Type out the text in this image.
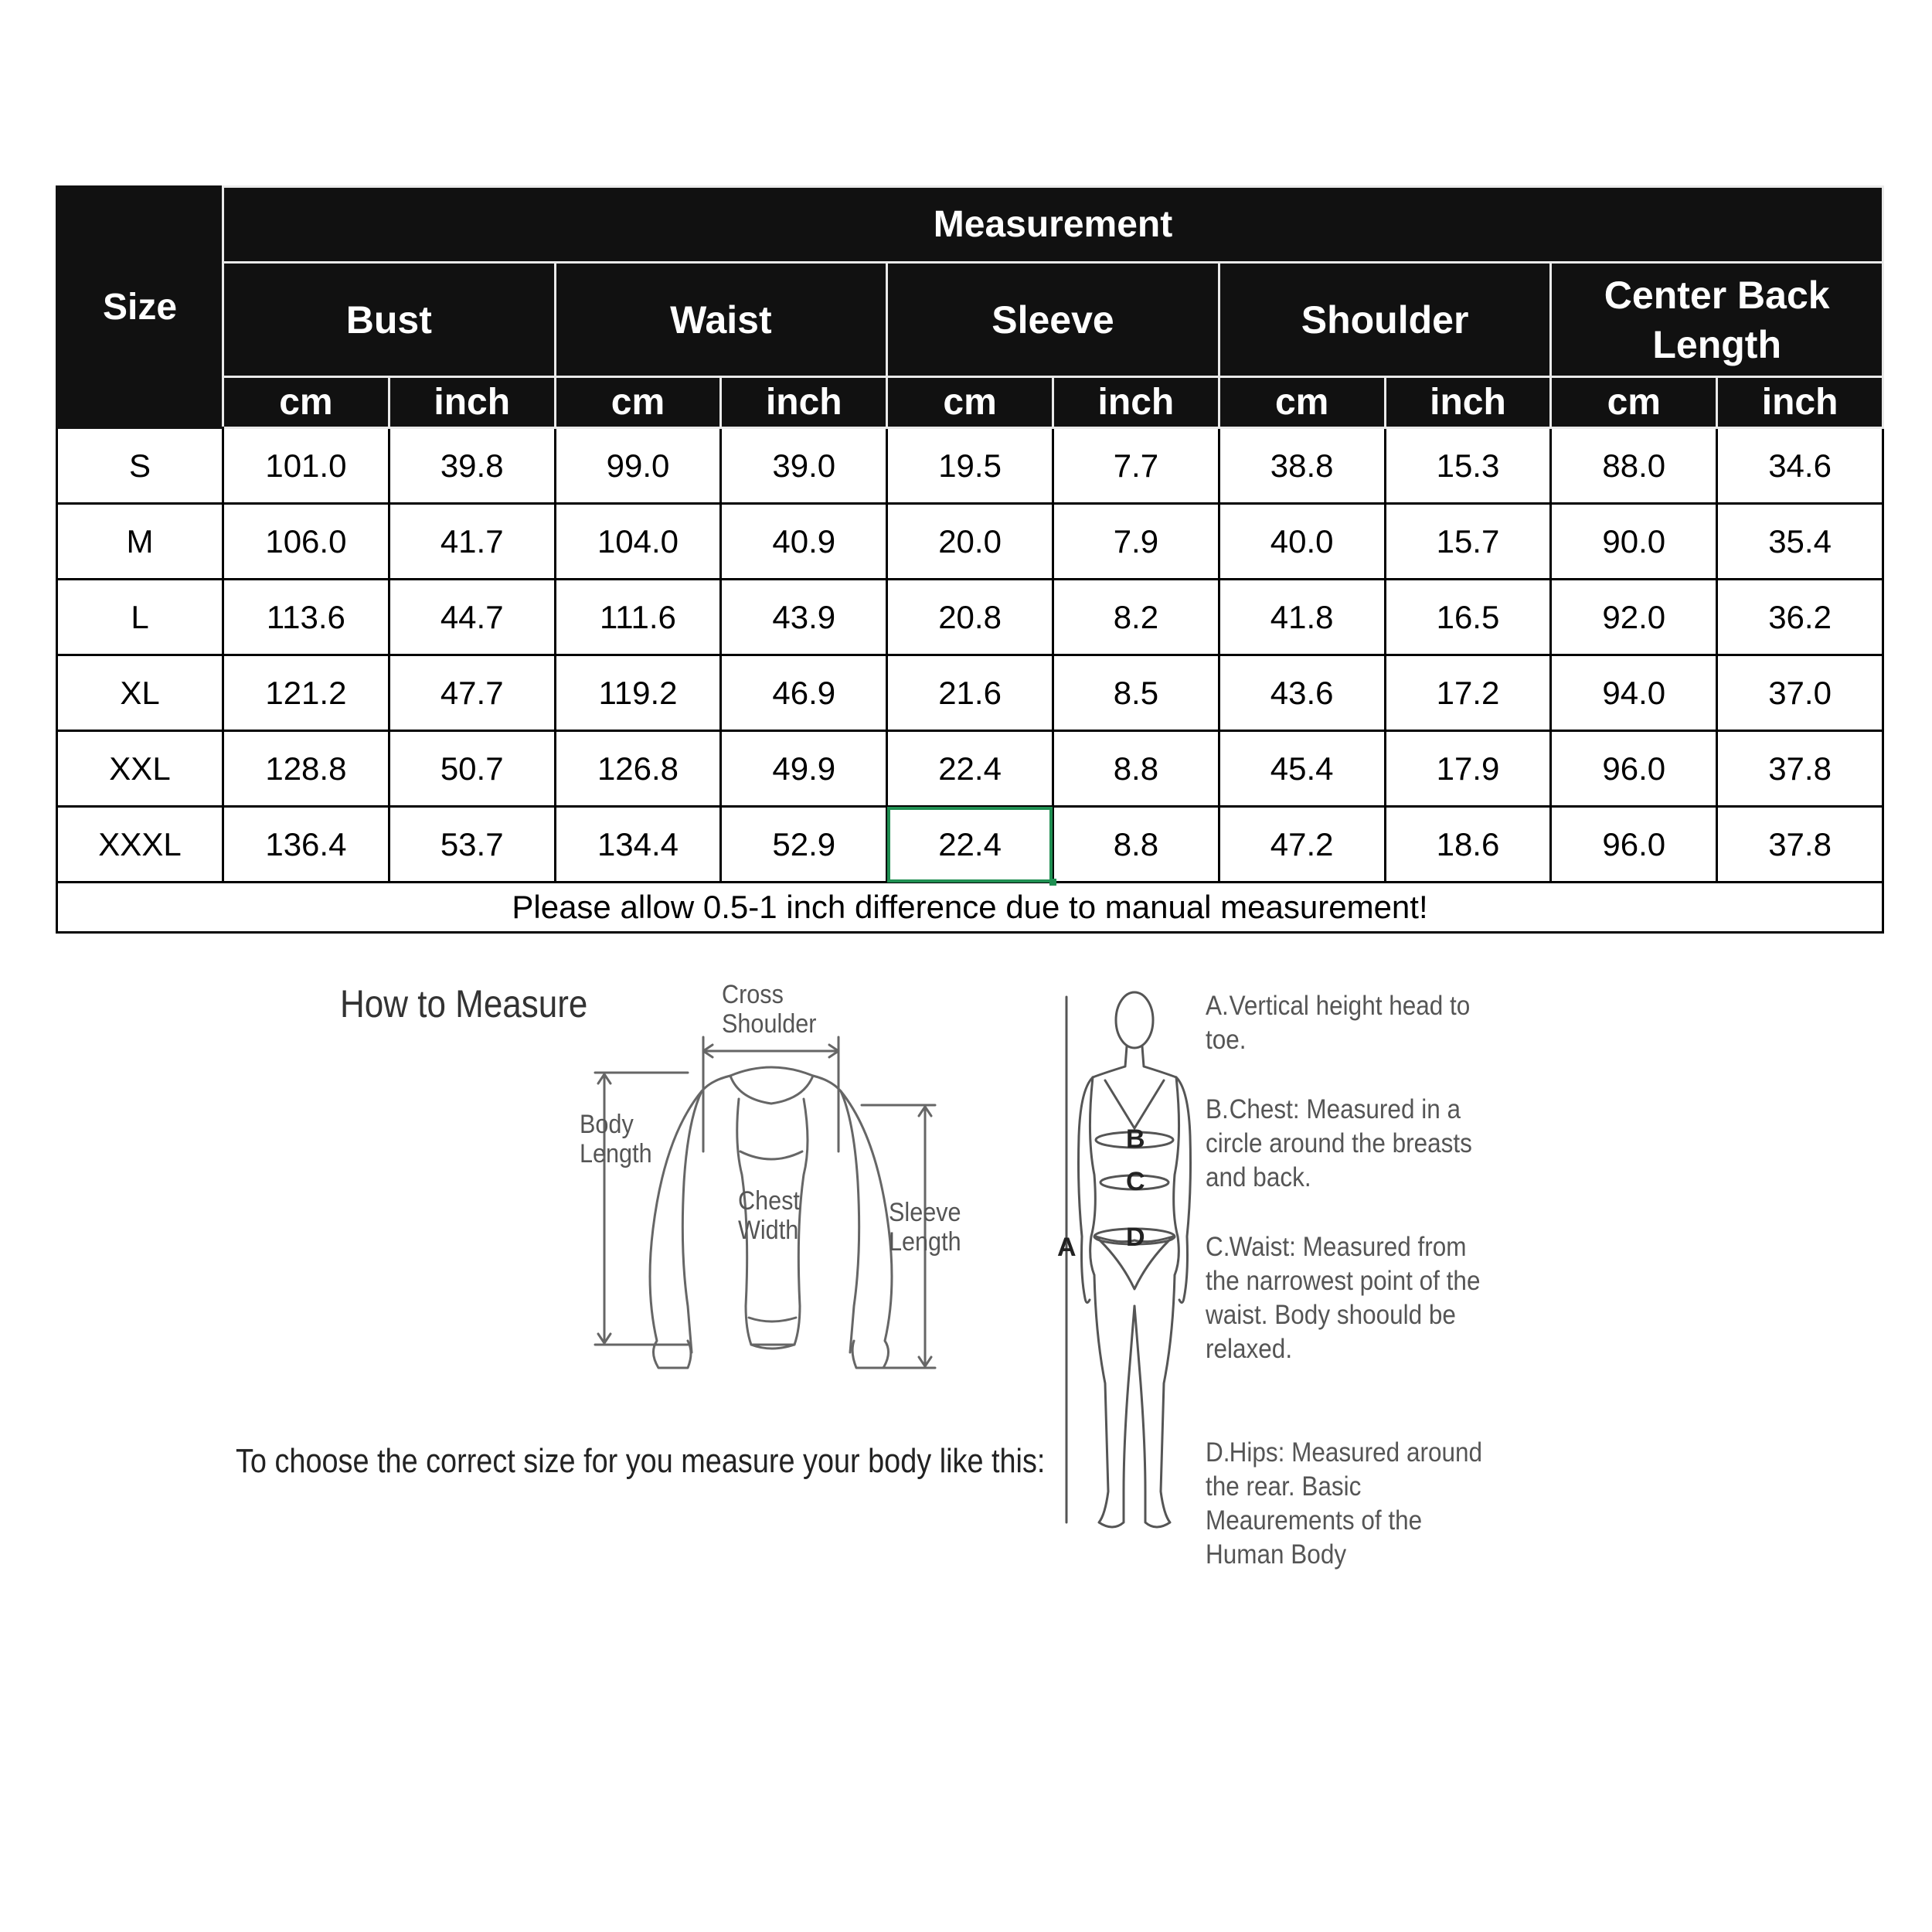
Size	Measurement									
	Bust		Waist		Sleeve		Shoulder		Center Back
Length	
	cm	inch	cm	inch	cm	inch	cm	inch	cm	inch
S	101.0	39.8	99.0	39.0	19.5	7.7	38.8	15.3	88.0	34.6
M	106.0	41.7	104.0	40.9	20.0	7.9	40.0	15.7	90.0	35.4
L	113.6	44.7	111.6	43.9	20.8	8.2	41.8	16.5	92.0	36.2
XL	121.2	47.7	119.2	46.9	21.6	8.5	43.6	17.2	94.0	37.0
XXL	128.8	50.7	126.8	49.9	22.4	8.8	45.4	17.9	96.0	37.8
XXXL	136.4	53.7	134.4	52.9	22.4	8.8	47.2	18.6	96.0	37.8
Please allow 0.5-1 inch difference due to manual measurement!										
How to Measure	Cross
Shoulder
Body
Length
Chest
Width
Sleeve
Length
B
C
D
A
A.Vertical height head to toe.
B.Chest: Measured in a circle around the breasts and back.
C.Waist: Measured from the narrowest point of the waist. Body shoould be relaxed.
D.Hips: Measured around the rear. Basic Meaurements of the Human Body
To choose the correct size for you measure your body like this:
